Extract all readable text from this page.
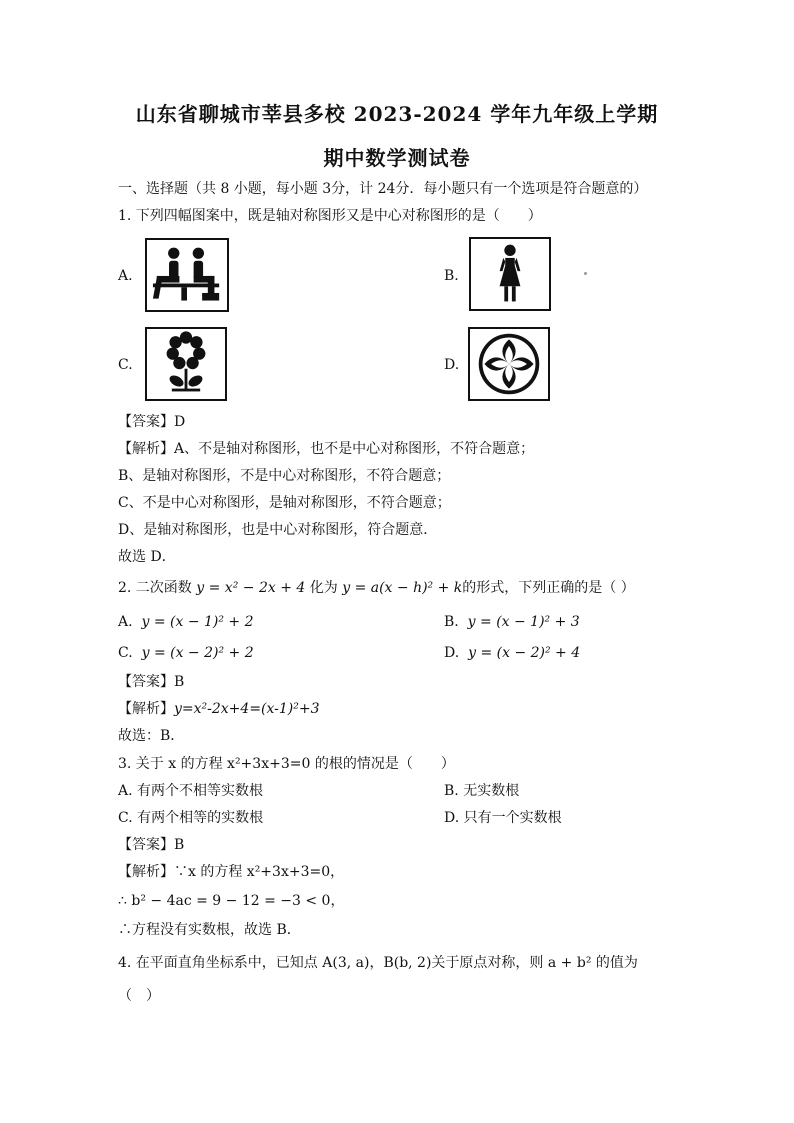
山东省聊城市莘县多校 2023-2024 学年九年级上学期
期中数学测试卷
一、选择题（共 8 小题，每小题 3分，计 24分．每小题只有一个选项是符合题意的）
1. 下列四幅图案中，既是轴对称图形又是中心对称图形的是（　　）
A.	B.
C.	D.
【答案】D
【解析】A、不是轴对称图形，也不是中心对称图形，不符合题意；
B、是轴对称图形，不是中心对称图形，不符合题意；
C、不是中心对称图形，是轴对称图形，不符合题意；
D、是轴对称图形，也是中心对称图形，符合题意．
故选 D．
2. 二次函数 y = x² − 2x + 4 化为 y = a(x − h)² + k的形式，下列正确的是（ ）
A. y = (x − 1)² + 2	B. y = (x − 1)² + 3
C. y = (x − 2)² + 2	D. y = (x − 2)² + 4
【答案】B
【解析】y=x²-2x+4=(x-1)²+3
故选：B．
3. 关于 x 的方程 x²+3x+3=0 的根的情况是（　　）
A. 有两个不相等实数根	B. 无实数根
C. 有两个相等的实数根	D. 只有一个实数根
【答案】B
【解析】∵x 的方程 x²+3x+3=0，
∴ b² − 4ac = 9 − 12 = −3 < 0，
∴方程没有实数根，故选 B．
4. 在平面直角坐标系中，已知点 A(3, a)，B(b, 2)关于原点对称，则 a + b² 的值为
（　）
